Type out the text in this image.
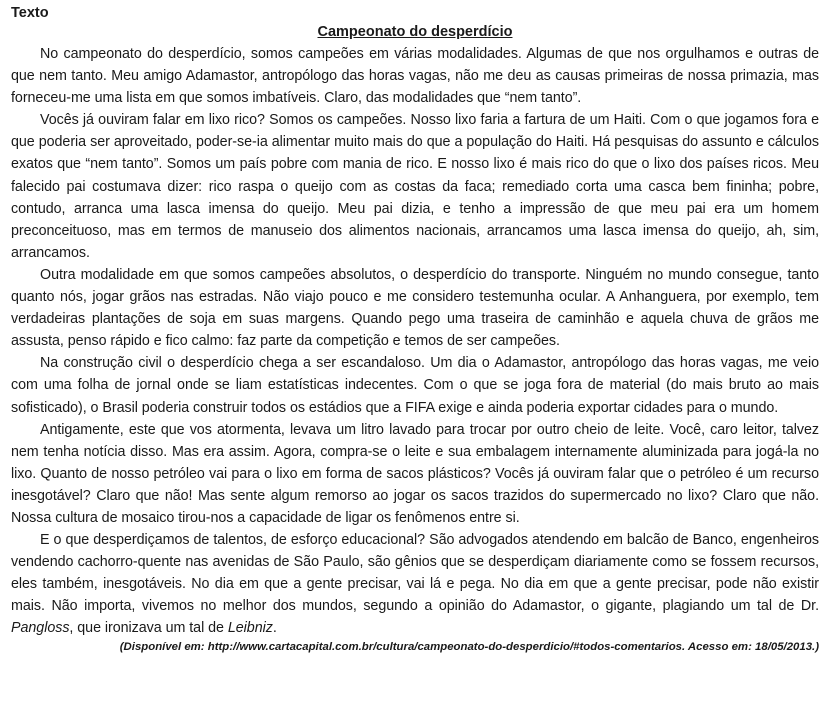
Texto

Campeonato do desperdício

No campeonato do desperdício, somos campeões em várias modalidades. Algumas de que nos orgulhamos e outras de que nem tanto. Meu amigo Adamastor, antropólogo das horas vagas, não me deu as causas primeiras de nossa primazia, mas forneceu-me uma lista em que somos imbatíveis. Claro, das modalidades que “nem tanto”.

Vocês já ouviram falar em lixo rico? Somos os campeões. Nosso lixo faria a fartura de um Haiti. Com o que jogamos fora e que poderia ser aproveitado, poder-se-ia alimentar muito mais do que a população do Haiti. Há pesquisas do assunto e cálculos exatos que “nem tanto”. Somos um país pobre com mania de rico. E nosso lixo é mais rico do que o lixo dos países ricos. Meu falecido pai costumava dizer: rico raspa o queijo com as costas da faca; remediado corta uma casca bem fininha; pobre, contudo, arranca uma lasca imensa do queijo. Meu pai dizia, e tenho a impressão de que meu pai era um homem preconceituoso, mas em termos de manuseio dos alimentos nacionais, arrancamos uma lasca imensa do queijo, ah, sim, arrancamos.

Outra modalidade em que somos campeões absolutos, o desperdício do transporte. Ninguém no mundo consegue, tanto quanto nós, jogar grãos nas estradas. Não viajo pouco e me considero testemunha ocular. A Anhanguera, por exemplo, tem verdadeiras plantações de soja em suas margens. Quando pego uma traseira de caminhão e aquela chuva de grãos me assusta, penso rápido e fico calmo: faz parte da competição e temos de ser campeões.

Na construção civil o desperdício chega a ser escandaloso. Um dia o Adamastor, antropólogo das horas vagas, me veio com uma folha de jornal onde se liam estatísticas indecentes. Com o que se joga fora de material (do mais bruto ao mais sofisticado), o Brasil poderia construir todos os estádios que a FIFA exige e ainda poderia exportar cidades para o mundo.

Antigamente, este que vos atormenta, levava um litro lavado para trocar por outro cheio de leite. Você, caro leitor, talvez nem tenha notícia disso. Mas era assim. Agora, compra-se o leite e sua embalagem internamente aluminizada para jogá-la no lixo. Quanto de nosso petróleo vai para o lixo em forma de sacos plásticos? Vocês já ouviram falar que o petróleo é um recurso inesgotável? Claro que não! Mas sente algum remorso ao jogar os sacos trazidos do supermercado no lixo? Claro que não. Nossa cultura de mosaico tirou-nos a capacidade de ligar os fenômenos entre si.

E o que desperdiçamos de talentos, de esforço educacional? São advogados atendendo em balcão de Banco, engenheiros vendendo cachorro-quente nas avenidas de São Paulo, são gênios que se desperdiçam diariamente como se fossem recursos, eles também, inesgotáveis. No dia em que a gente precisar, vai lá e pega. No dia em que a gente precisar, pode não existir mais. Não importa, vivemos no melhor dos mundos, segundo a opinião do Adamastor, o gigante, plagiando um tal de Dr. Pangloss, que ironizava um tal de Leibniz.

(Disponível em: http://www.cartacapital.com.br/cultura/campeonato-do-desperdicio/#todos-comentarios. Acesso em: 18/05/2013.)
